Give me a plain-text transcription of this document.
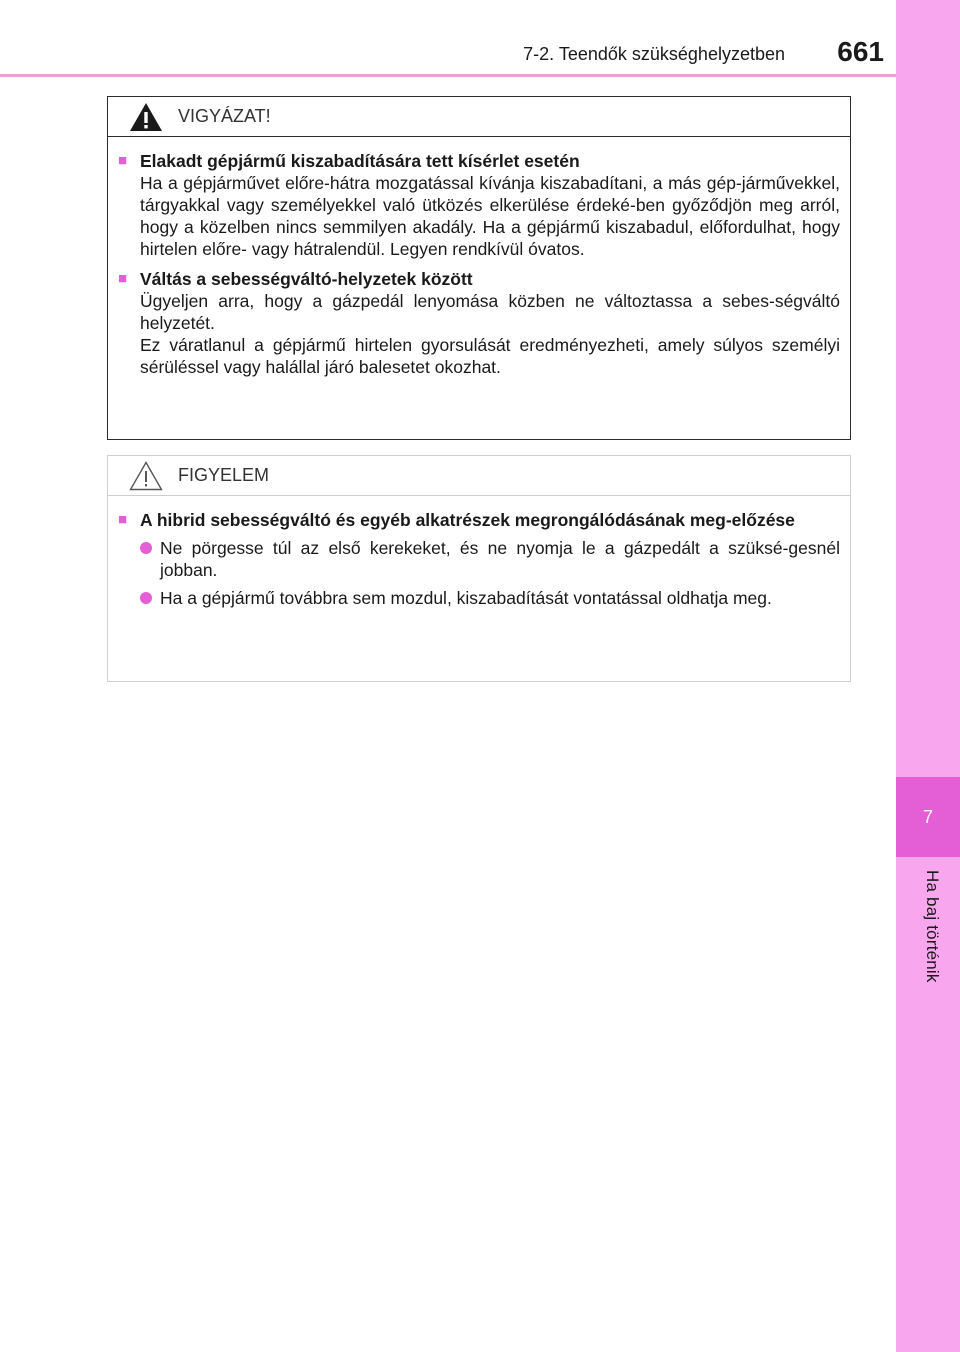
7-2. Teendők szükséghelyzetben	661
7
Ha baj történik
VIGYÁZAT!
■ Elakadt gépjármű kiszabadítására tett kísérlet esetén
Ha a gépjárművet előre-hátra mozgatással kívánja kiszabadítani, a más gép-járművekkel, tárgyakkal vagy személyekkel való ütközés elkerülése érdeké-ben győződjön meg arról, hogy a közelben nincs semmilyen akadály. Ha a gépjármű kiszabadul, előfordulhat, hogy hirtelen előre- vagy hátralendül. Legyen rendkívül óvatos.
■ Váltás a sebességváltó-helyzetek között
Ügyeljen arra, hogy a gázpedál lenyomása közben ne változtassa a sebes-ségváltó helyzetét.
Ez váratlanul a gépjármű hirtelen gyorsulását eredményezheti, amely súlyos személyi sérüléssel vagy halállal járó balesetet okozhat.
FIGYELEM
■ A hibrid sebességváltó és egyéb alkatrészek megrongálódásának meg-előzése
Ne pörgesse túl az első kerekeket, és ne nyomja le a gázpedált a szüksé-gesnél jobban.
Ha a gépjármű továbbra sem mozdul, kiszabadítását vontatással oldhatja meg.
